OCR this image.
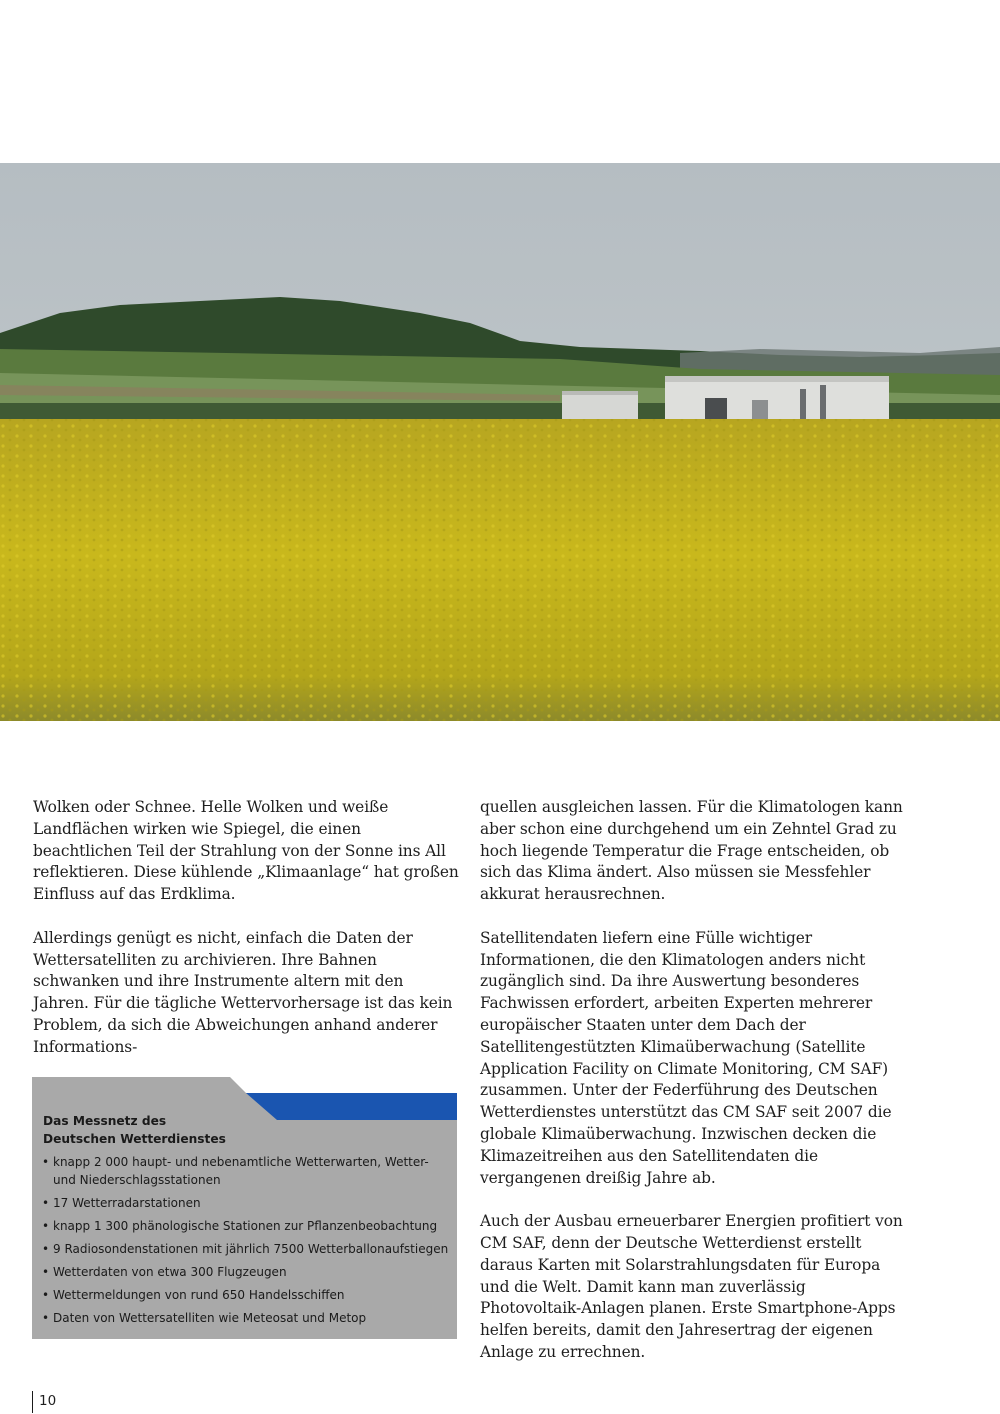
Wolken oder Schnee. Helle Wolken und weiße Landflächen wirken wie Spiegel, die einen beachtlichen Teil der Strahlung von der Sonne ins All reflektieren. Diese kühlende „Klimaanlage“ hat großen Einfluss auf das Erdklima.

Allerdings genügt es nicht, einfach die Daten der Wettersatelliten zu archivieren. Ihre Bahnen schwanken und ihre Instrumente altern mit den Jahren. Für die tägliche Wettervorhersage ist das kein Problem, da sich die Abweichungen anhand anderer Informations-

quellen ausgleichen lassen. Für die Klimatologen kann aber schon eine durchgehend um ein Zehntel Grad zu hoch liegende Temperatur die Frage entscheiden, ob sich das Klima ändert. Also müssen sie Messfehler akkurat herausrechnen.

Satellitendaten liefern eine Fülle wichtiger Informationen, die den Klimatologen anders nicht zugänglich sind. Da ihre Auswertung besonderes Fachwissen erfordert, arbeiten Experten mehrerer europäischer Staaten unter dem Dach der Satellitengestützten Klimaüberwachung (Satellite Application Facility on Climate Monitoring, CM SAF) zusammen. Unter der Federführung des Deutschen Wetterdienstes unterstützt das CM SAF seit 2007 die globale Klimaüberwachung. Inzwischen decken die Klimazeitreihen aus den Satellitendaten die vergangenen dreißig Jahre ab.

Auch der Ausbau erneuerbarer Energien profitiert von CM SAF, denn der Deutsche Wetterdienst erstellt daraus Karten mit Solarstrahlungsdaten für Europa und die Welt. Damit kann man zuverlässig Photovoltaik-Anlagen planen. Erste Smartphone-Apps helfen bereits, damit den Jahresertrag der eigenen Anlage zu errechnen.

Das Messnetz des
Deutschen Wetterdienstes
• knapp 2 000 haupt- und nebenamtliche Wetterwarten, Wetter- und Niederschlagsstationen
• 17 Wetterradarstationen
• knapp 1 300 phänologische Stationen zur Pflanzenbeobachtung
• 9 Radiosondenstationen mit jährlich 7500 Wetterballonaufstiegen
• Wetterdaten von etwa 300 Flugzeugen
• Wettermeldungen von rund 650 Handelsschiffen
• Daten von Wettersatelliten wie Meteosat und Metop
10
